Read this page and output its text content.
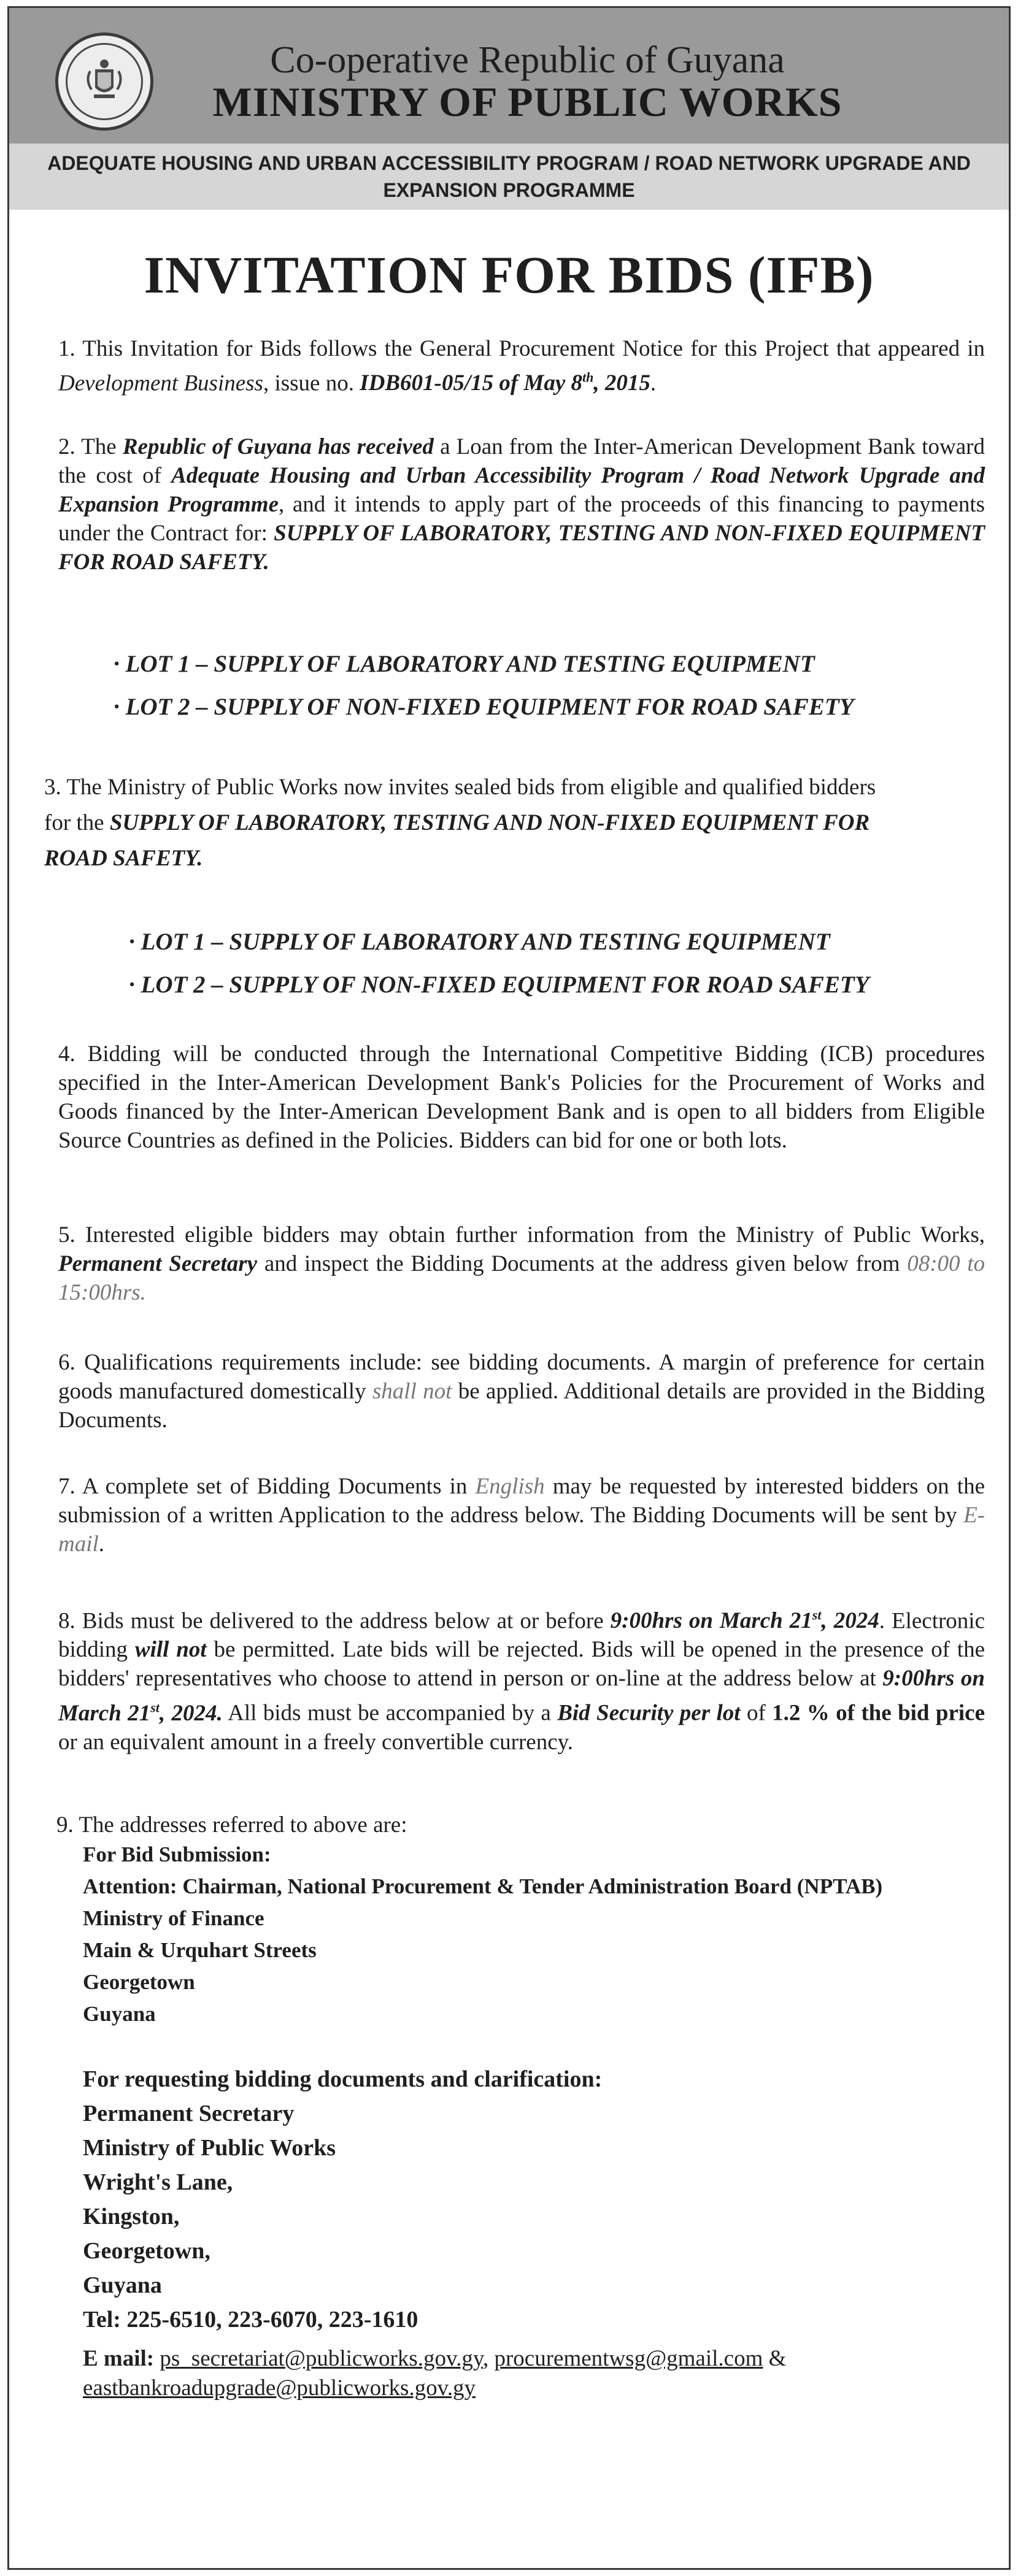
Co-operative Republic of Guyana
MINISTRY OF PUBLIC WORKS
ADEQUATE HOUSING AND URBAN ACCESSIBILITY PROGRAM / ROAD NETWORK UPGRADE AND
EXPANSION PROGRAMME
INVITATION FOR BIDS (IFB)
1. This Invitation for Bids follows the General Procurement Notice for this Project that appeared in Development Business, issue no. IDB601-05/15 of May 8th, 2015.
2. The Republic of Guyana has received a Loan from the Inter-American Development Bank toward the cost of Adequate Housing and Urban Accessibility Program / Road Network Upgrade and Expansion Programme, and it intends to apply part of the proceeds of this financing to payments under the Contract for: SUPPLY OF LABORATORY, TESTING AND NON-FIXED EQUIPMENT FOR ROAD SAFETY.
· LOT 1 – SUPPLY OF LABORATORY AND TESTING EQUIPMENT
· LOT 2 – SUPPLY OF NON-FIXED EQUIPMENT FOR ROAD SAFETY
3. The Ministry of Public Works now invites sealed bids from eligible and qualified bidders for the SUPPLY OF LABORATORY, TESTING AND NON-FIXED EQUIPMENT FOR ROAD SAFETY.
· LOT 1 – SUPPLY OF LABORATORY AND TESTING EQUIPMENT
· LOT 2 – SUPPLY OF NON-FIXED EQUIPMENT FOR ROAD SAFETY
4. Bidding will be conducted through the International Competitive Bidding (ICB) procedures specified in the Inter-American Development Bank's Policies for the Procurement of Works and Goods financed by the Inter-American Development Bank and is open to all bidders from Eligible Source Countries as defined in the Policies. Bidders can bid for one or both lots.
5. Interested eligible bidders may obtain further information from the Ministry of Public Works, Permanent Secretary and inspect the Bidding Documents at the address given below from 08:00 to 15:00hrs.
6. Qualifications requirements include: see bidding documents. A margin of preference for certain goods manufactured domestically shall not be applied. Additional details are provided in the Bidding Documents.
7. A complete set of Bidding Documents in English may be requested by interested bidders on the submission of a written Application to the address below. The Bidding Documents will be sent by E-mail.
8. Bids must be delivered to the address below at or before 9:00hrs on March 21st, 2024. Electronic bidding will not be permitted. Late bids will be rejected. Bids will be opened in the presence of the bidders' representatives who choose to attend in person or on-line at the address below at 9:00hrs on March 21st, 2024. All bids must be accompanied by a Bid Security per lot of 1.2 % of the bid price or an equivalent amount in a freely convertible currency.
9. The addresses referred to above are:
For Bid Submission:
Attention: Chairman, National Procurement & Tender Administration Board (NPTAB)
Ministry of Finance
Main & Urquhart Streets
Georgetown
Guyana
For requesting bidding documents and clarification:
Permanent Secretary
Ministry of Public Works
Wright's Lane,
Kingston,
Georgetown,
Guyana
Tel: 225-6510, 223-6070, 223-1610
E mail: ps_secretariat@publicworks.gov.gy, procurementwsg@gmail.com &
eastbankroadupgrade@publicworks.gov.gy
